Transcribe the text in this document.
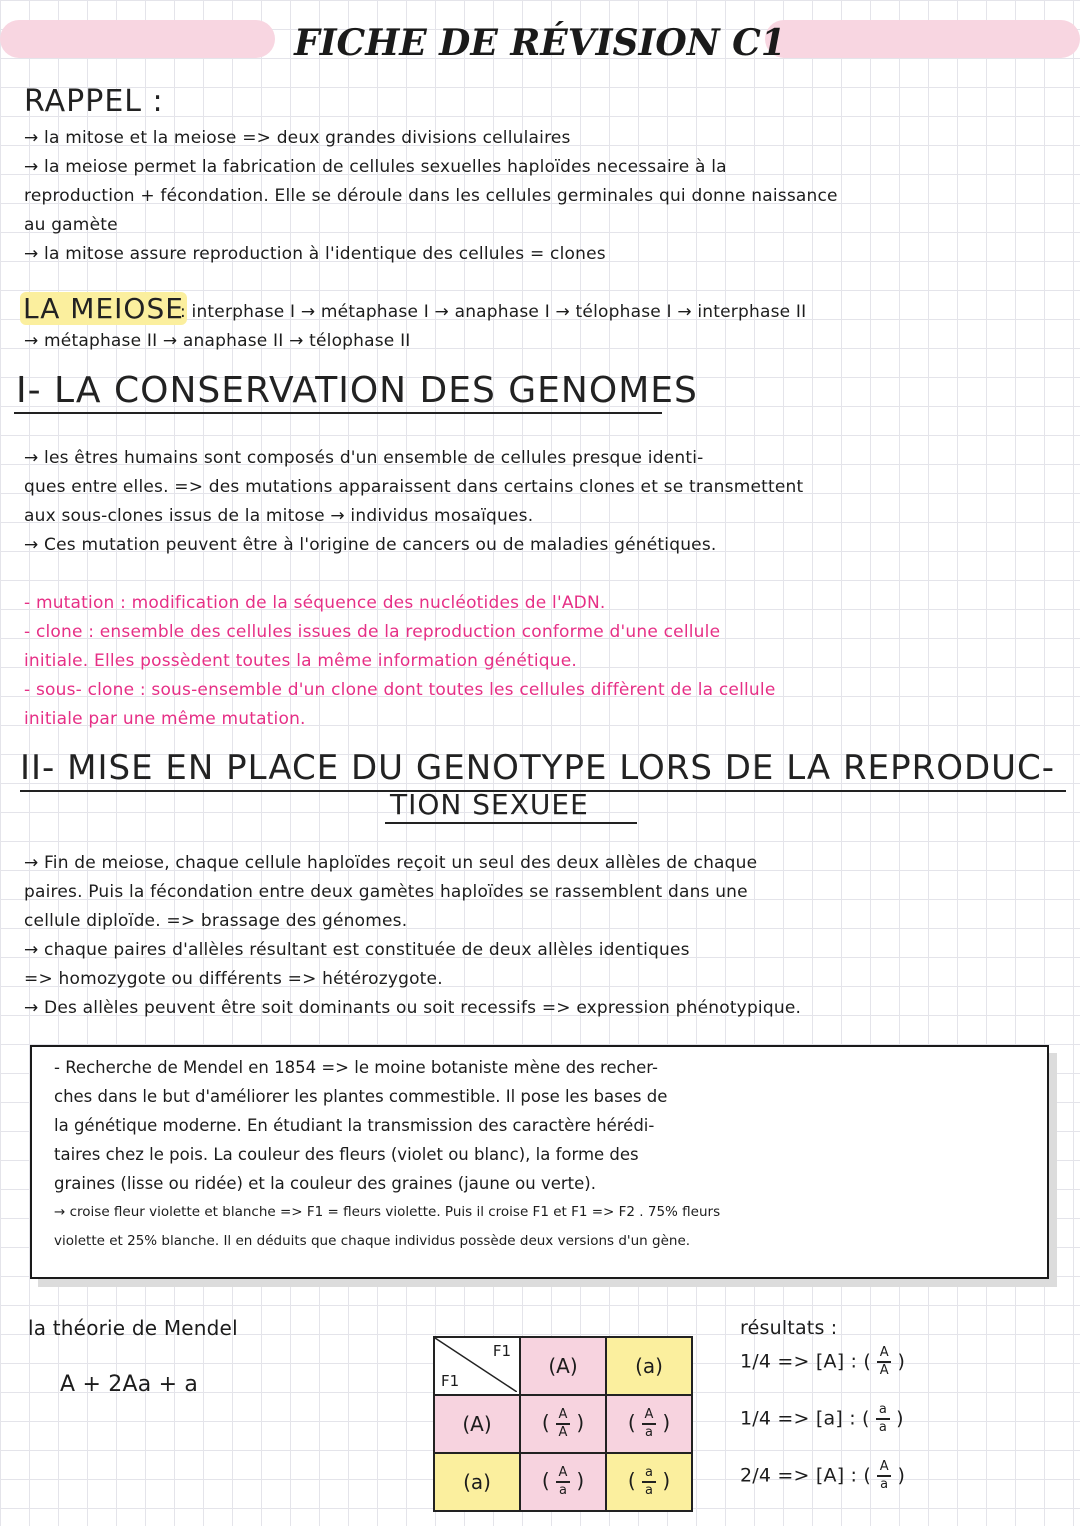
FICHE DE RÉVISION C1
RAPPEL :
→ la mitose et la meiose => deux grandes divisions cellulaires
→ la meiose permet la fabrication de cellules sexuelles haploïdes necessaire à la
reproduction + fécondation. Elle se déroule dans les cellules germinales qui donne naissance
au gamète
→ la mitose assure reproduction à l'identique des cellules = clones
LA MEIOSE
: interphase I → métaphase I → anaphase I → télophase I → interphase II
→ métaphase II → anaphase II → télophase II
I- LA CONSERVATION DES GENOMES
→ les êtres humains sont composés d'un ensemble de cellules presque identi-
ques entre elles. => des mutations apparaissent dans certains clones et se transmettent
aux sous-clones issus de la mitose → individus mosaïques.
→ Ces mutation peuvent être à l'origine de cancers ou de maladies génétiques.
- mutation : modification de la séquence des nucléotides de l'ADN.
- clone : ensemble des cellules issues de la reproduction conforme d'une cellule
initiale. Elles possèdent toutes la même information génétique.
- sous- clone : sous-ensemble d'un clone dont toutes les cellules diffèrent de la cellule
initiale par une même mutation.
II- MISE EN PLACE DU GENOTYPE LORS DE LA REPRODUC-
TION SEXUEE
→ Fin de meiose, chaque cellule haploïdes reçoit un seul des deux allèles de chaque
paires. Puis la fécondation entre deux gamètes haploïdes se rassemblent dans une
cellule diploïde. => brassage des génomes.
→ chaque paires d'allèles résultant est constituée de deux allèles identiques
=> homozygote ou différents => hétérozygote.
→ Des allèles peuvent être soit dominants ou soit recessifs => expression phénotypique.
- Recherche de Mendel en 1854 => le moine botaniste mène des recher-
ches dans le but d'améliorer les plantes commestible. Il pose les bases de
la génétique moderne. En étudiant la transmission des caractère hérédi-
taires chez le pois. La couleur des fleurs (violet ou blanc), la forme des
graines (lisse ou ridée) et la couleur des graines (jaune ou verte).
→ croise fleur violette et blanche => F1 = fleurs violette. Puis il croise F1 et F1 => F2 . 75% fleurs
violette et 25% blanche. Il en déduits que chaque individus possède deux versions d'un gène.
la théorie de Mendel
A + 2Aa + a
F1
F1	(A)	(a)
(A)	( $\frac{A}{A}$ )	( $\frac{A}{a}$ )
(a)	( $\frac{A}{a}$ )	( $\frac{a}{a}$ )
résultats :
1/4 => [A] : ( $\frac{A}{A}$ )
1/4 => [a] : ( $\frac{a}{a}$ )
2/4 => [A] : ( $\frac{A}{a}$ )
